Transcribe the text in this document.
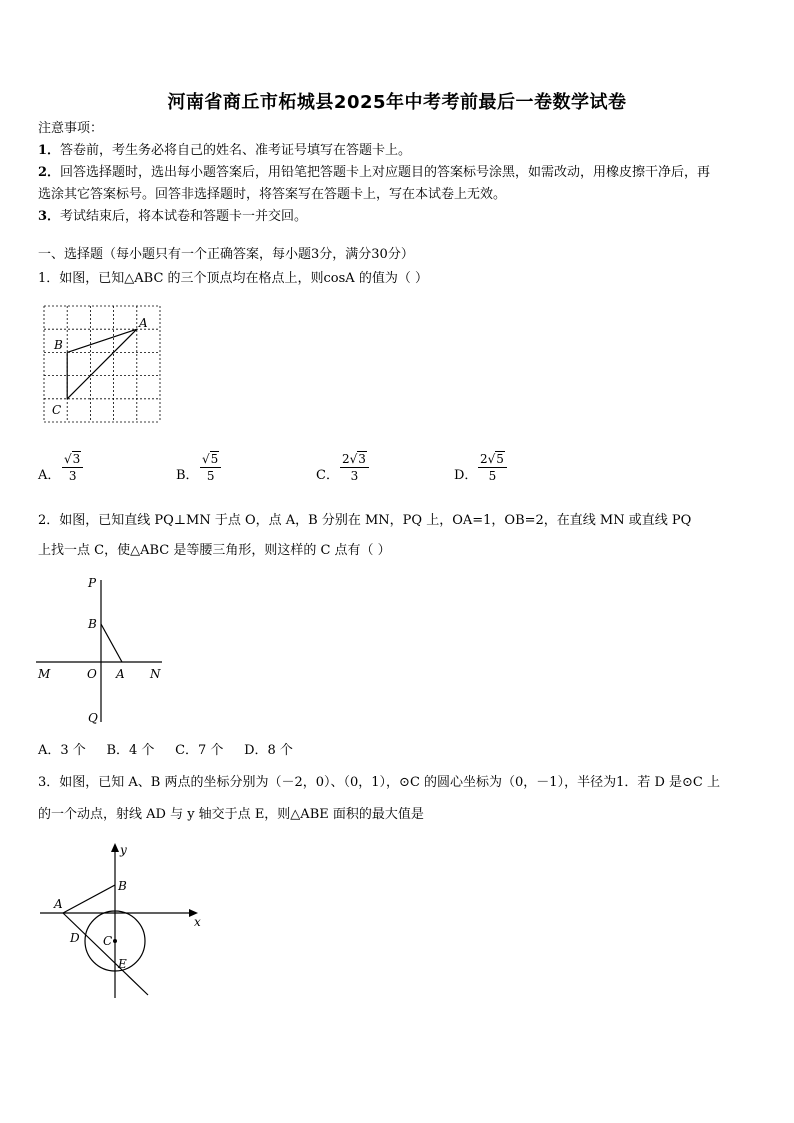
河南省商丘市柘城县2025年中考考前最后一卷数学试卷
注意事项：
1．答卷前，考生务必将自己的姓名、准考证号填写在答题卡上。
2．回答选择题时，选出每小题答案后，用铅笔把答题卡上对应题目的答案标号涂黑，如需改动，用橡皮擦干净后，再
选涂其它答案标号。回答非选择题时，将答案写在答题卡上，写在本试卷上无效。
3．考试结束后，将本试卷和答题卡一并交回。
一、选择题（每小题只有一个正确答案，每小题3分，满分30分）
1．如图，已知△ABC 的三个顶点均在格点上，则cosA 的值为（ ）
A
B
C
A． $\frac{√3}{3}$	B． $\frac{√5}{5}$	C． $\frac{2√3}{3}$	D． $\frac{2√5}{5}$
2．如图，已知直线 PQ⊥MN 于点 O，点 A，B 分别在 MN，PQ 上，OA=1，OB=2，在直线 MN 或直线 PQ
上找一点 C，使△ABC 是等腰三角形，则这样的 C 点有（ ）
P
B
M	O A N
Q
A．3 个     B．4 个     C．7 个     D．8 个
3．如图，已知 A、B 两点的坐标分别为（－2，0）、（0，1），⊙C 的圆心坐标为（0，－1），半径为1．若 D 是⊙C 上
的一个动点，射线 AD 与 y 轴交于点 E，则△ABE 面积的最大值是
y
x
A
B
C
D
E
